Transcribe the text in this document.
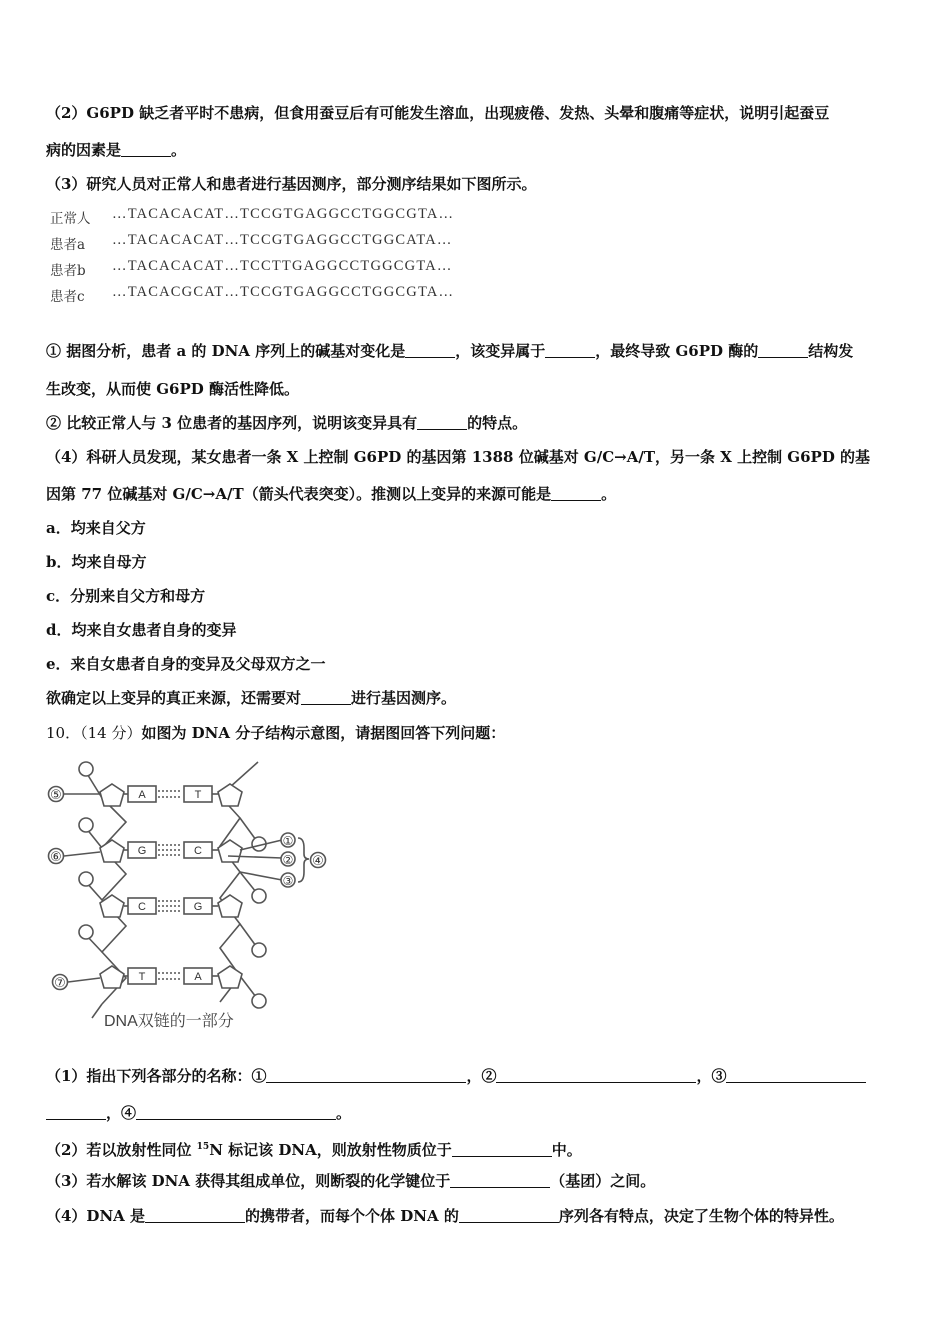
（2）G6PD 缺乏者平时不患病，但食用蚕豆后有可能发生溶血，出现疲倦、发热、头晕和腹痛等症状，说明引起蚕豆
病的因素是	。
（3）研究人员对正常人和患者进行基因测序，部分测序结果如下图所示。
正常人 …TACACACAT…TCCGTGAGGCCTGGCGTA…
患者a …TACACACAT…TCCGTGAGGCCTGGCATA…
患者b …TACACACAT…TCCTTGAGGCCTGGCGTA…
患者c …TACACGCAT…TCCGTGAGGCCTGGCGTA…
① 据图分析，患者 a 的 DNA 序列上的碱基对变化是	，该变异属于	，最终导致 G6PD 酶的	结构发
生改变，从而使 G6PD 酶活性降低。
② 比较正常人与 3 位患者的基因序列，说明该变异具有	的特点。
（4）科研人员发现，某女患者一条 X 上控制 G6PD 的基因第 1388 位碱基对 G/C→A/T，另一条 X 上控制 G6PD 的基
因第 77 位碱基对 G/C→A/T（箭头代表突变）。推测以上变异的来源可能是	。
a．均来自父方
b．均来自母方
c．分别来自父方和母方
d．均来自女患者自身的变异
e．来自女患者自身的变异及父母双方之一
欲确定以上变异的真正来源，还需要对	进行基因测序。
10．（14 分）如图为 DNA 分子结构示意图，请据图回答下列问题：
A	T
G	C
C	G
T	A
⑤
⑥
⑦
①
②
③
④
DNA双链的一部分
（1）指出下列各部分的名称：①	，②	，③
，④	。
（2）若以放射性同位 $^{15}$N 标记该 DNA，则放射性物质位于	中。
（3）若水解该 DNA 获得其组成单位，则断裂的化学键位于	（基团）之间。
（4）DNA 是	的携带者，而每个个体 DNA 的	序列各有特点，决定了生物个体的特异性。
